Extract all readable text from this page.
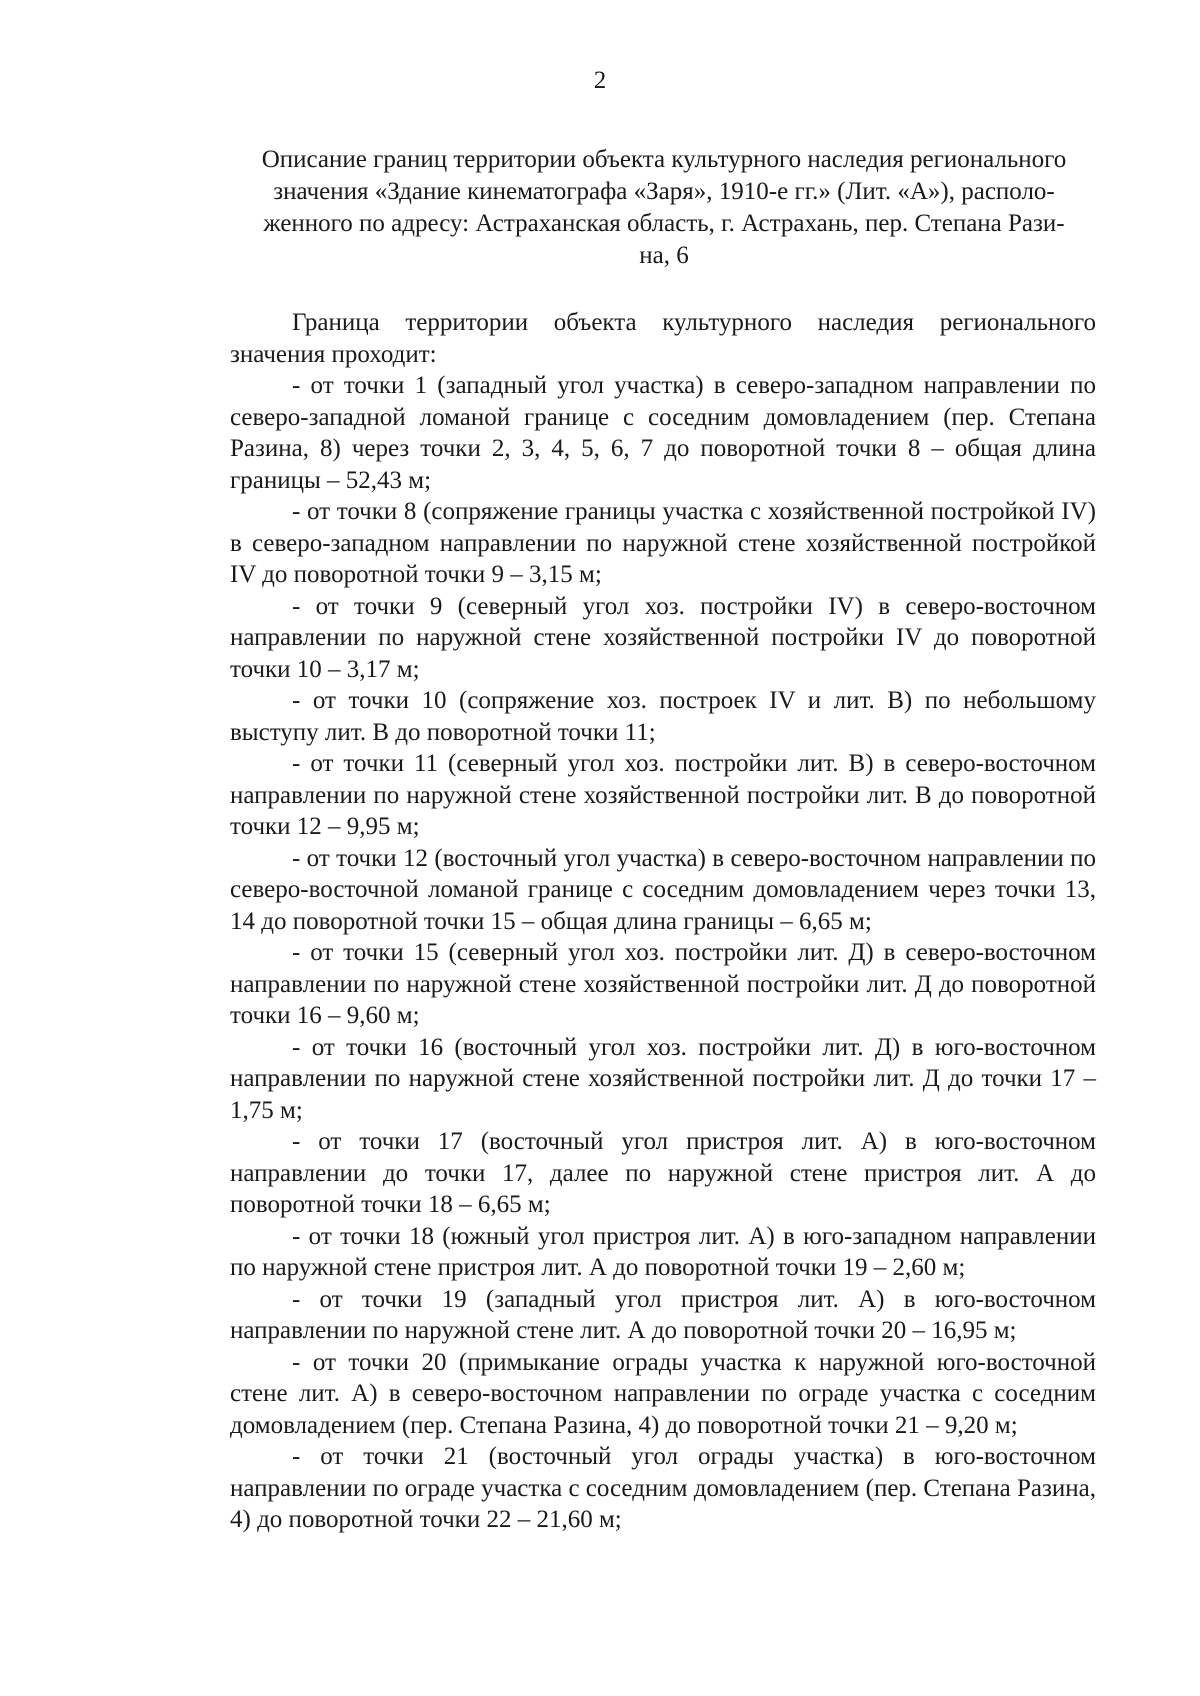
2
Описание границ территории объекта культурного наследия регионального
значения «Здание кинематографа «Заря», 1910-е гг.» (Лит. «А»), располо-
женного по адресу: Астраханская область, г. Астрахань, пер. Степана Рази-
на, 6

Граница территории объекта культурного наследия регионального значения проходит:

- от точки 1 (западный угол участка) в северо-западном направлении по северо-западной ломаной границе с соседним домовладением (пер. Степана Разина, 8) через точки 2, 3, 4, 5, 6, 7 до поворотной точки 8 – общая длина границы – 52,43 м;

- от точки 8 (сопряжение границы участка с хозяйственной постройкой IV) в северо-западном направлении по наружной стене хозяйственной постройкой IV до поворотной точки 9 – 3,15 м;

- от точки 9 (северный угол хоз. постройки IV) в северо-восточном направлении по наружной стене хозяйственной постройки IV до поворотной точки 10 – 3,17 м;

- от точки 10 (сопряжение хоз. построек IV и лит. В) по небольшому выступу лит. В до поворотной точки 11;

- от точки 11 (северный угол хоз. постройки лит. В) в северо-восточном направлении по наружной стене хозяйственной постройки лит. В до поворотной точки 12 – 9,95 м;

- от точки 12 (восточный угол участка) в северо-восточном направлении по северо-восточной ломаной границе с соседним домовладением через точки 13, 14 до поворотной точки 15 – общая длина границы – 6,65 м;

- от точки 15 (северный угол хоз. постройки лит. Д) в северо-восточном направлении по наружной стене хозяйственной постройки лит. Д до поворотной точки 16 – 9,60 м;

- от точки 16 (восточный угол хоз. постройки лит. Д) в юго-восточном направлении по наружной стене хозяйственной постройки лит. Д до точки 17 – 1,75 м;

- от точки 17 (восточный угол пристроя лит. А) в юго-восточном направлении до точки 17, далее по наружной стене пристроя лит. А до поворотной точки 18 – 6,65 м;

- от точки 18 (южный угол пристроя лит. А) в юго-западном направлении по наружной стене пристроя лит. А до поворотной точки 19 – 2,60 м;

- от точки 19 (западный угол пристроя лит. А) в юго-восточном направлении по наружной стене лит. А до поворотной точки 20 – 16,95 м;

- от точки 20 (примыкание ограды участка к наружной юго-восточной стене лит. А) в северо-восточном направлении по ограде участка с соседним домовладением (пер. Степана Разина, 4) до поворотной точки 21 – 9,20 м;

- от точки 21 (восточный угол ограды участка) в юго-восточном направлении по ограде участка с соседним домовладением (пер. Степана Разина, 4) до поворотной точки 22 – 21,60 м;
